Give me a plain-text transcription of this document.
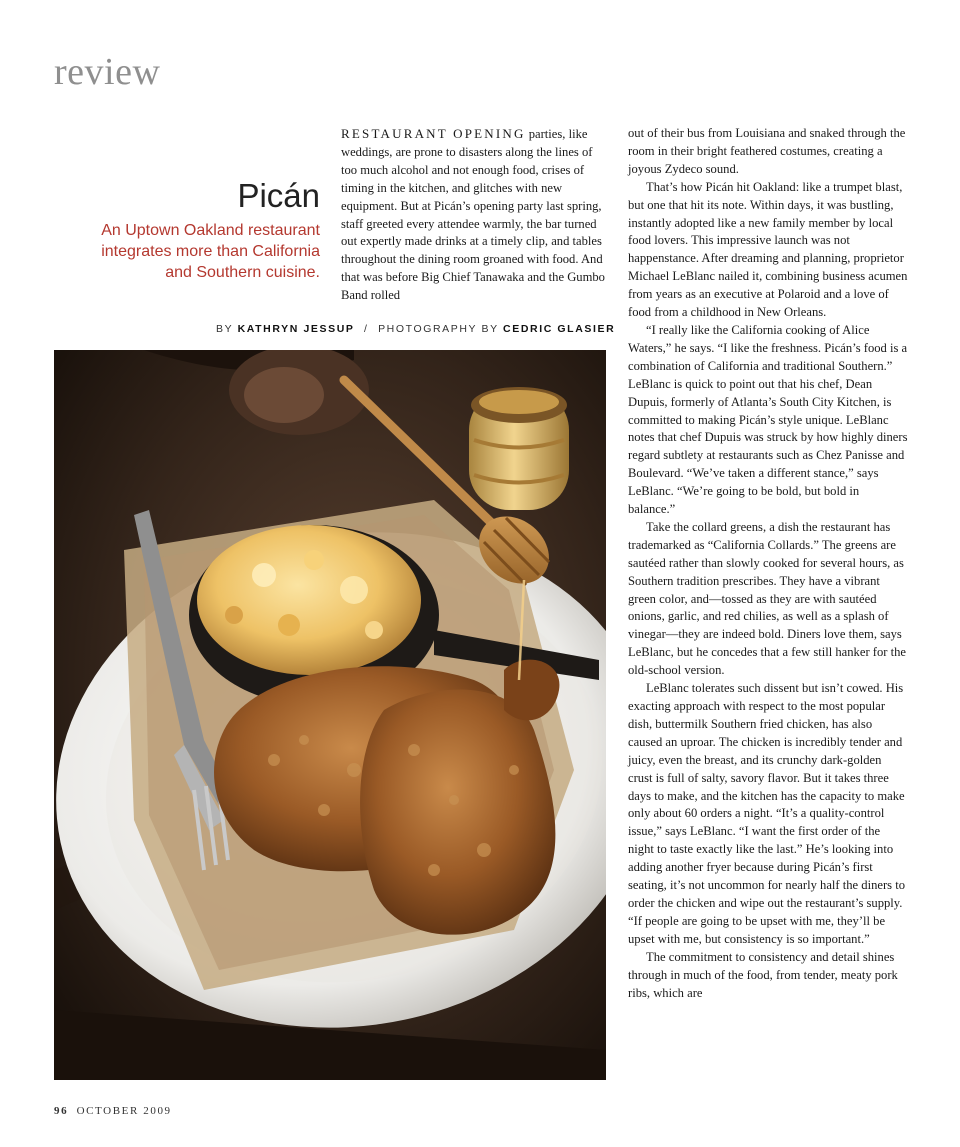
review
Picán
An Uptown Oakland restaurant integrates more than California and Southern cuisine.

RESTAURANT OPENING parties, like weddings, are prone to disasters along the lines of too much alcohol and not enough food, crises of timing in the kitchen, and glitches with new equipment. But at Picán’s opening party last spring, staff greeted every attendee warmly, the bar turned out expertly made drinks at a timely clip, and tables throughout the dining room groaned with food. And that was before Big Chief Tanawaka and the Gumbo Band rolled

BY KATHRYN JESSUP / PHOTOGRAPHY BY CEDRIC GLASIER

out of their bus from Louisiana and snaked through the room in their bright feathered costumes, creating a joyous Zydeco sound.

That’s how Picán hit Oakland: like a trumpet blast, but one that hit its note. Within days, it was bustling, instantly adopted like a new family member by local food lovers. This impressive launch was not happenstance. After dreaming and planning, proprietor Michael LeBlanc nailed it, combining business acumen from years as an executive at Polaroid and a love of food from a childhood in New Orleans.

“I really like the California cooking of Alice Waters,” he says. “I like the freshness. Picán’s food is a combination of California and traditional Southern.” LeBlanc is quick to point out that his chef, Dean Dupuis, formerly of Atlanta’s South City Kitchen, is committed to making Picán’s style unique. LeBlanc notes that chef Dupuis was struck by how highly diners regard subtlety at restaurants such as Chez Panisse and Boulevard. “We’ve taken a different stance,” says LeBlanc. “We’re going to be bold, but bold in balance.”

Take the collard greens, a dish the restaurant has trademarked as “California Collards.” The greens are sautéed rather than slowly cooked for several hours, as Southern tradition prescribes. They have a vibrant green color, and—tossed as they are with sautéed onions, garlic, and red chilies, as well as a splash of vinegar—they are indeed bold. Diners love them, says LeBlanc, but he concedes that a few still hanker for the old-school version.

LeBlanc tolerates such dissent but isn’t cowed. His exacting approach with respect to the most popular dish, buttermilk Southern fried chicken, has also caused an uproar. The chicken is incredibly tender and juicy, even the breast, and its crunchy dark-golden crust is full of salty, savory flavor. But it takes three days to make, and the kitchen has the capacity to make only about 60 orders a night. “It’s a quality-control issue,” says LeBlanc. “I want the first order of the night to taste exactly like the last.” He’s looking into adding another fryer because during Picán’s first seating, it’s not uncommon for nearly half the diners to order the chicken and wipe out the restaurant’s supply. “If people are going to be upset with me, they’ll be upset with me, but consistency is so important.”

The commitment to consistency and detail shines through in much of the food, from tender, meaty pork ribs, which are

96 OCTOBER 2009
